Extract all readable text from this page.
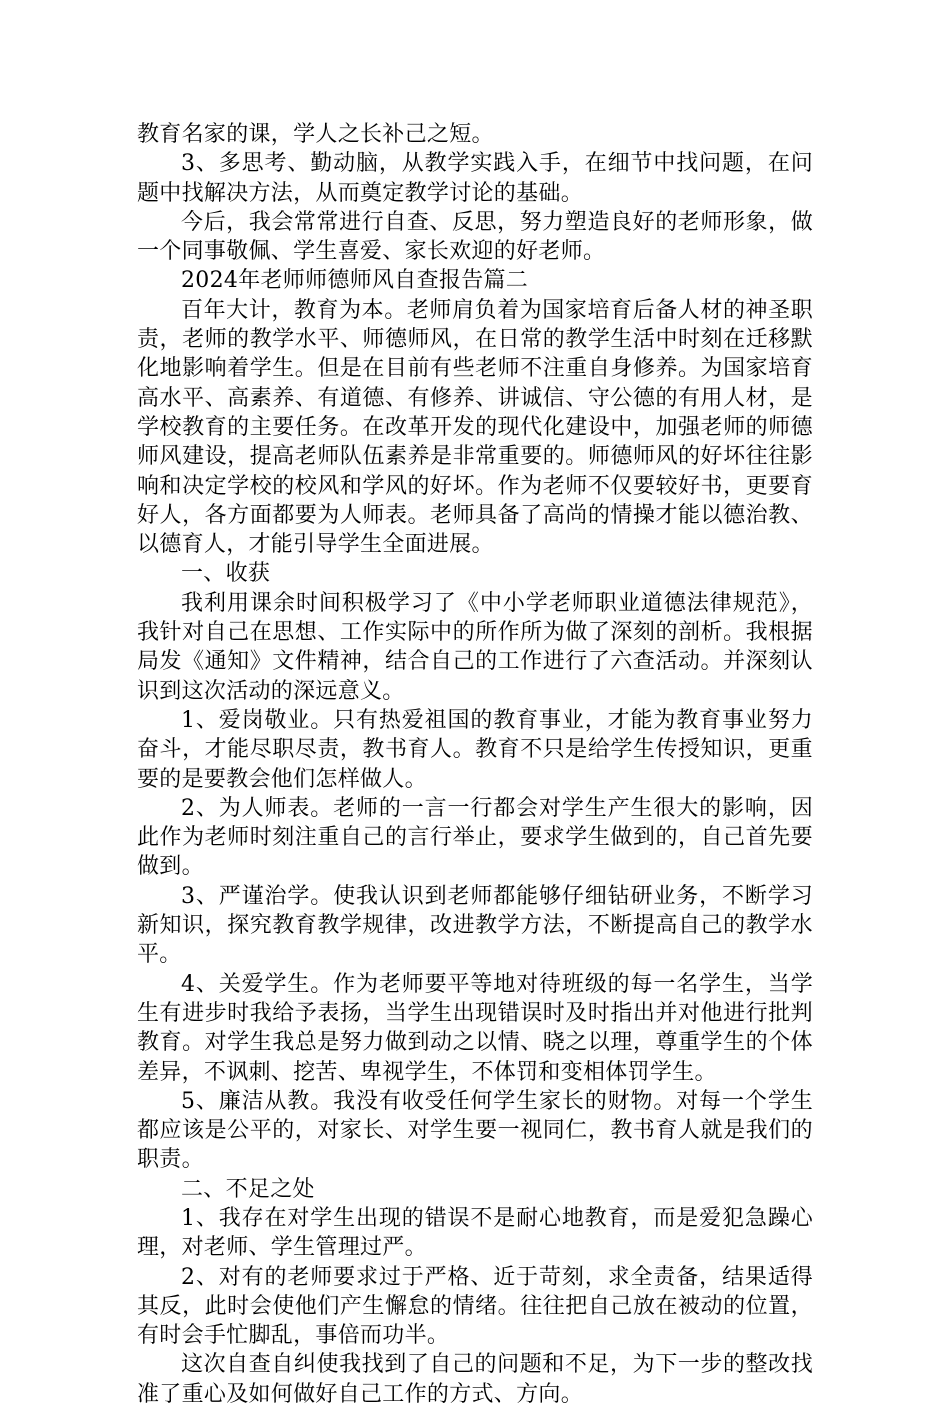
教育名家的课，学人之长补己之短。

3、多思考、勤动脑，从教学实践入手，在细节中找问题，在问题中找解决方法，从而奠定教学讨论的基础。

今后，我会常常进行自查、反思，努力塑造良好的老师形象，做一个同事敬佩、学生喜爱、家长欢迎的好老师。

2024年老师师德师风自查报告篇二

百年大计，教育为本。老师肩负着为国家培育后备人材的神圣职责，老师的教学水平、师德师风，在日常的教学生活中时刻在迁移默化地影响着学生。但是在目前有些老师不注重自身修养。为国家培育高水平、高素养、有道德、有修养、讲诚信、守公德的有用人材，是学校教育的主要任务。在改革开发的现代化建设中，加强老师的师德师风建设，提高老师队伍素养是非常重要的。师德师风的好坏往往影响和决定学校的校风和学风的好坏。作为老师不仅要较好书，更要育好人，各方面都要为人师表。老师具备了高尚的情操才能以德治教、以德育人，才能引导学生全面进展。

一、收获

我利用课余时间积极学习了《中小学老师职业道德法律规范》，我针对自己在思想、工作实际中的所作所为做了深刻的剖析。我根据局发《通知》文件精神，结合自己的工作进行了六查活动。并深刻认识到这次活动的深远意义。

1、爱岗敬业。只有热爱祖国的教育事业，才能为教育事业努力奋斗，才能尽职尽责，教书育人。教育不只是给学生传授知识，更重要的是要教会他们怎样做人。

2、为人师表。老师的一言一行都会对学生产生很大的影响，因此作为老师时刻注重自己的言行举止，要求学生做到的，自己首先要做到。

3、严谨治学。使我认识到老师都能够仔细钻研业务，不断学习新知识，探究教育教学规律，改进教学方法，不断提高自己的教学水平。

4、关爱学生。作为老师要平等地对待班级的每一名学生，当学生有进步时我给予表扬，当学生出现错误时及时指出并对他进行批判教育。对学生我总是努力做到动之以情、晓之以理，尊重学生的个体差异，不讽刺、挖苦、卑视学生，不体罚和变相体罚学生。

5、廉洁从教。我没有收受任何学生家长的财物。对每一个学生都应该是公平的，对家长、对学生要一视同仁，教书育人就是我们的职责。

二、不足之处

1、我存在对学生出现的错误不是耐心地教育，而是爱犯急躁心理，对老师、学生管理过严。

2、对有的老师要求过于严格、近于苛刻，求全责备，结果适得其反，此时会使他们产生懈怠的情绪。往往把自己放在被动的位置，有时会手忙脚乱，事倍而功半。

这次自查自纠使我找到了自己的问题和不足，为下一步的整改找准了重心及如何做好自己工作的方式、方向。
